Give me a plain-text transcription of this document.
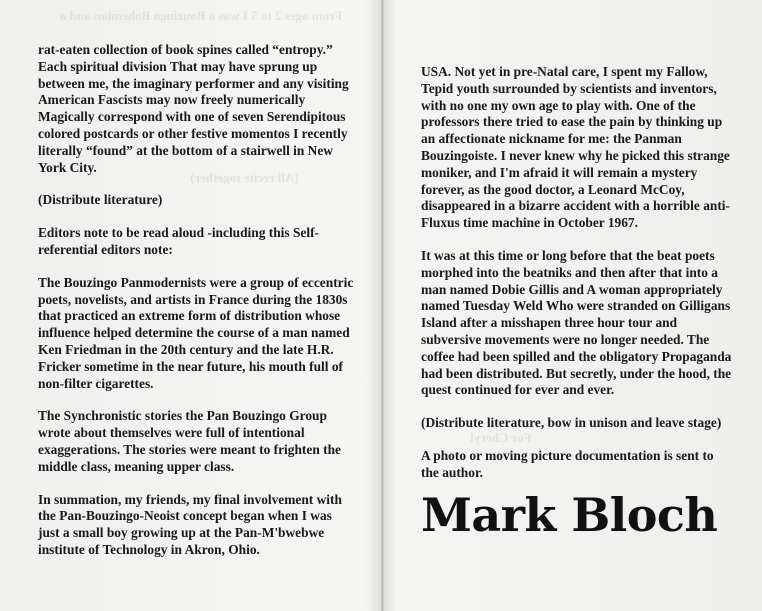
From ages 2 to 5 I was a Bouzingo Bohemian and a
(All recite together)
For Cheryl

rat-eaten collection of book spines called “entropy.” Each spiritual division That may have sprung up between me, the imaginary performer and any visiting American Fascists may now freely numerically Magically correspond with one of seven Serendipitous colored postcards or other festive momentos I recently literally “found” at the bottom of a stairwell in New York City.

(Distribute literature)

Editors note to be read aloud -including this Self-referential editors note:

The Bouzingo Panmodernists were a group of eccentric poets, novelists, and artists in France during the 1830s that practiced an extreme form of distribution whose influence helped determine the course of a man named Ken Friedman in the 20th century and the late H.R. Fricker sometime in the near future, his mouth full of non-filter cigarettes.

The Synchronistic stories the Pan Bouzingo Group wrote about themselves were full of intentional exaggerations. The stories were meant to frighten the middle class, meaning upper class.

In summation, my friends, my final involvement with the Pan-Bouzingo-Neoist concept began when I was just a small boy growing up at the Pan-M'bwebwe institute of Technology in Akron, Ohio.

USA. Not yet in pre-Natal care, I spent my Fallow, Tepid youth surrounded by scientists and inventors, with no one my own age to play with. One of the professors there tried to ease the pain by thinking up an affectionate nickname for me: the Panman Bouzingoiste. I never knew why he picked this strange moniker, and I'm afraid it will remain a mystery forever, as the good doctor, a Leonard McCoy, disappeared in a bizarre accident with a horrible anti-Fluxus time machine in October 1967.

It was at this time or long before that the beat poets morphed into the beatniks and then after that into a man named Dobie Gillis and A woman appropriately named Tuesday Weld Who were stranded on Gilligans Island after a misshapen three hour tour and subversive movements were no longer needed. The coffee had been spilled and the obligatory Propaganda had been distributed. But secretly, under the hood, the quest continued for ever and ever.

(Distribute literature, bow in unison and leave stage)

A photo or moving picture documentation is sent to the author.

Mark Bloch
